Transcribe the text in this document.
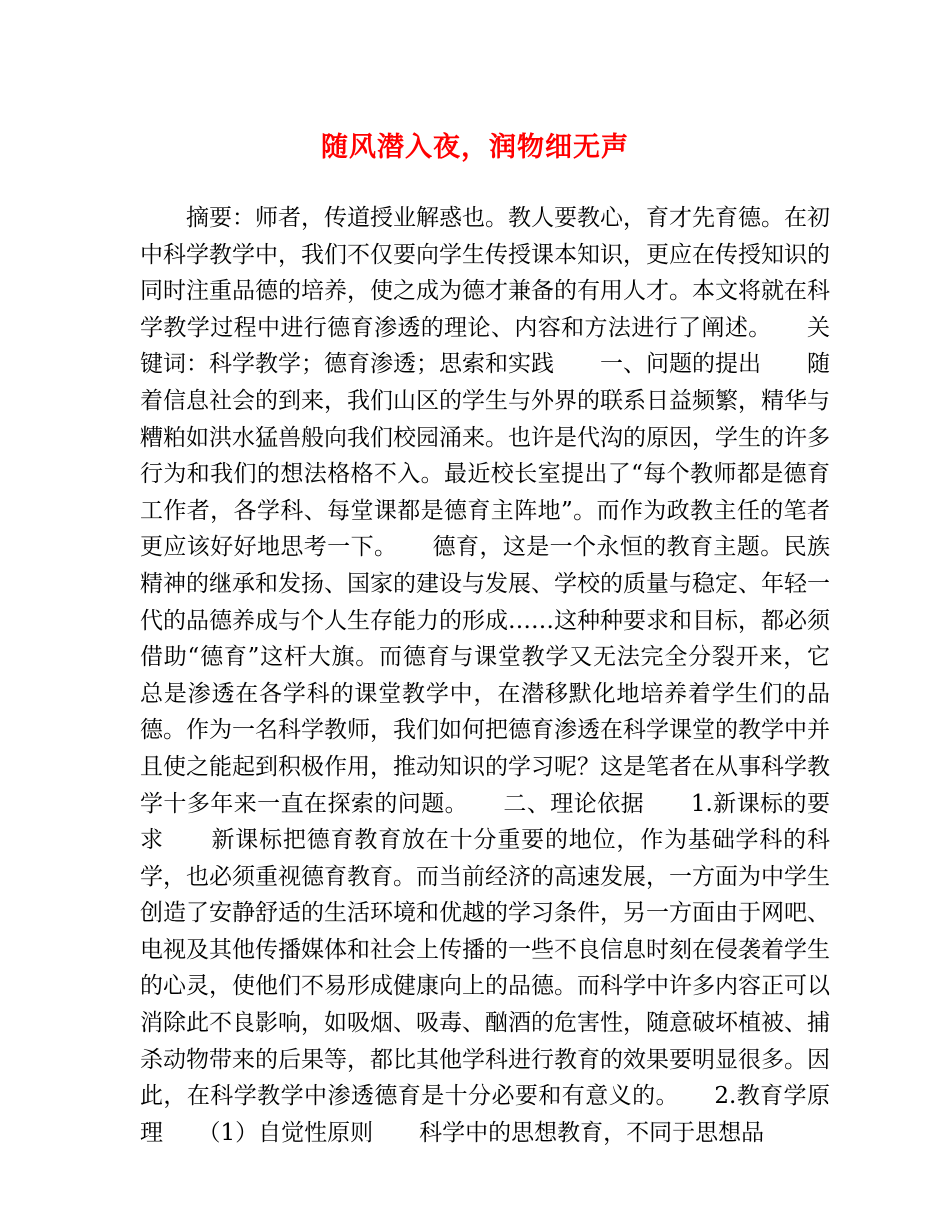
随风潜入夜，润物细无声

摘要：师者，传道授业解惑也。教人要教心，育才先育德。在初中科学教学中，我们不仅要向学生传授课本知识，更应在传授知识的同时注重品德的培养，使之成为德才兼备的有用人才。本文将就在科学教学过程中进行德育渗透的理论、内容和方法进行了阐述。　　关键词：科学教学；德育渗透；思索和实践　　一、问题的提出　　随着信息社会的到来，我们山区的学生与外界的联系日益频繁，精华与糟粕如洪水猛兽般向我们校园涌来。也许是代沟的原因，学生的许多行为和我们的想法格格不入。最近校长室提出了“每个教师都是德育工作者，各学科、每堂课都是德育主阵地”。而作为政教主任的笔者更应该好好地思考一下。　　德育，这是一个永恒的教育主题。民族精神的继承和发扬、国家的建设与发展、学校的质量与稳定、年轻一代的品德养成与个人生存能力的形成……这种种要求和目标，都必须借助“德育”这杆大旗。而德育与课堂教学又无法完全分裂开来，它总是渗透在各学科的课堂教学中，在潜移默化地培养着学生们的品德。作为一名科学教师，我们如何把德育渗透在科学课堂的教学中并且使之能起到积极作用，推动知识的学习呢？这是笔者在从事科学教学十多年来一直在探索的问题。　　二、理论依据　　1.新课标的要求　　新课标把德育教育放在十分重要的地位，作为基础学科的科学，也必须重视德育教育。而当前经济的高速发展，一方面为中学生创造了安静舒适的生活环境和优越的学习条件，另一方面由于网吧、电视及其他传播媒体和社会上传播的一些不良信息时刻在侵袭着学生的心灵，使他们不易形成健康向上的品德。而科学中许多内容正可以消除此不良影响，如吸烟、吸毒、酗酒的危害性，随意破坏植被、捕杀动物带来的后果等，都比其他学科进行教育的效果要明显很多。因此，在科学教学中渗透德育是十分必要和有意义的。　　2.教育学原理　　（1）自觉性原则　　科学中的思想教育，不同于思想品
